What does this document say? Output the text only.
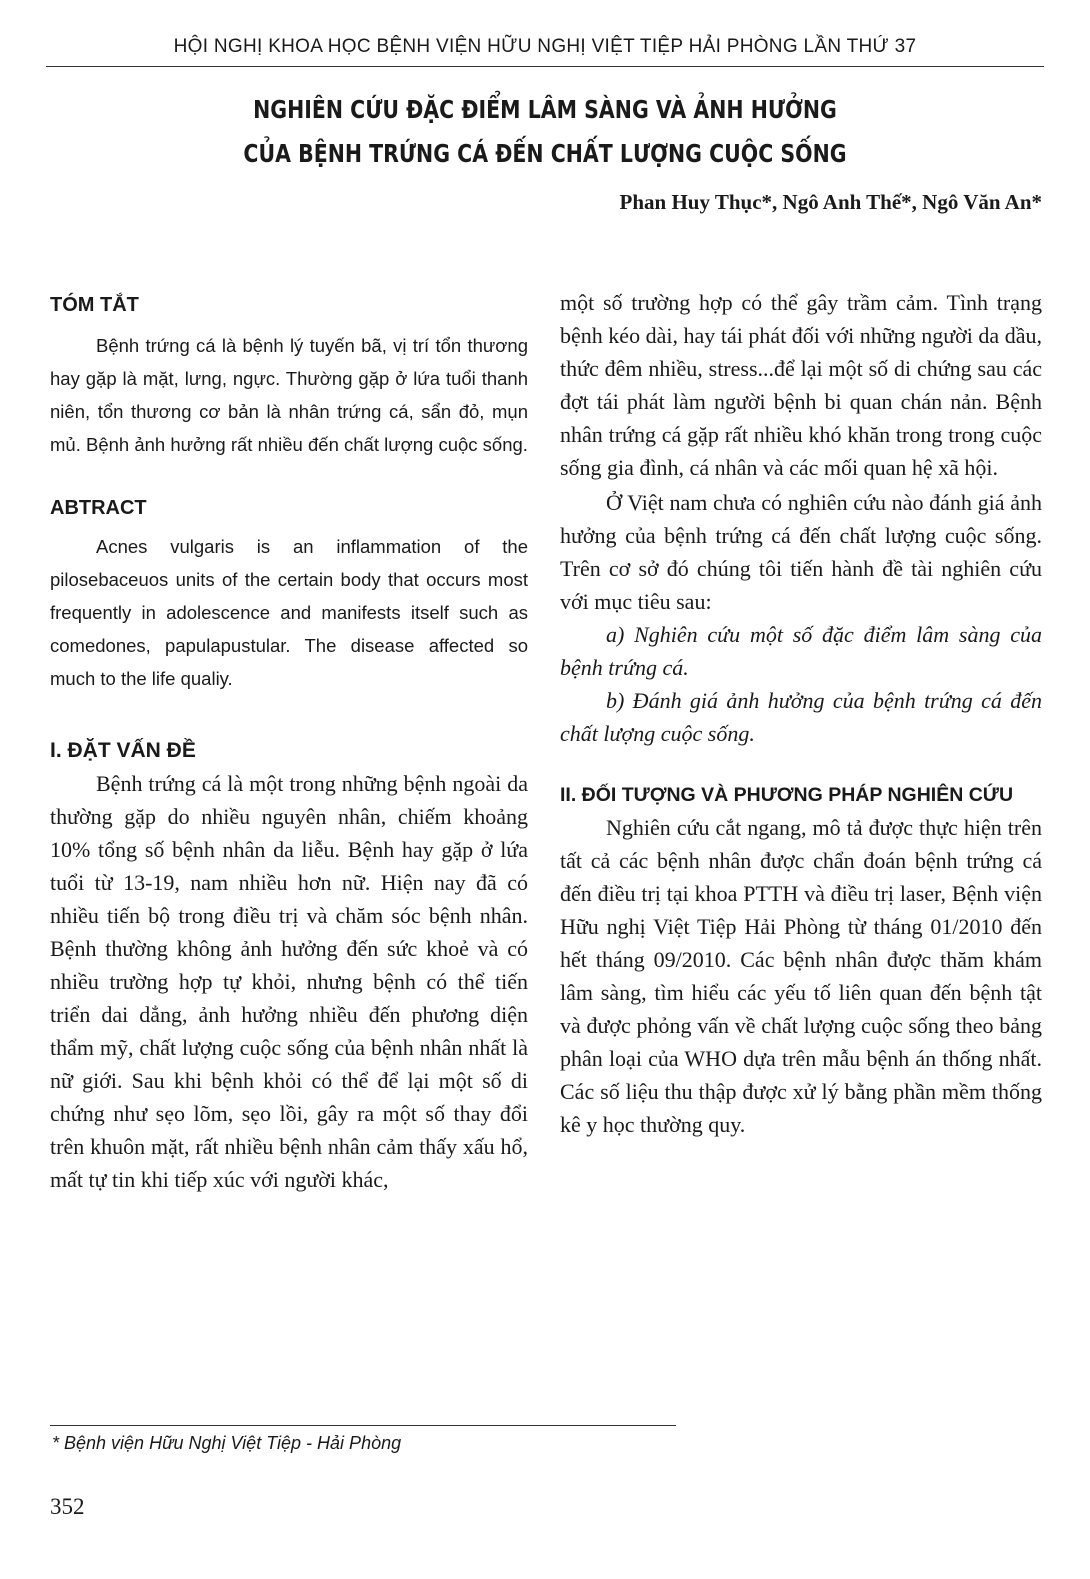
HỘI NGHỊ KHOA HỌC BỆNH VIỆN HỮU NGHỊ VIỆT TIỆP HẢI PHÒNG LẦN THỨ 37
NGHIÊN CỨU ĐẶC ĐIỂM LÂM SÀNG VÀ ẢNH HƯỞNG
CỦA BỆNH TRỨNG CÁ ĐẾN CHẤT LƯỢNG CUỘC SỐNG
Phan Huy Thục*, Ngô Anh Thế*, Ngô Văn An*
TÓM TẮT

Bệnh trứng cá là bệnh lý tuyến bã, vị trí tổn thương hay gặp là mặt, lưng, ngực. Thường gặp ở lứa tuổi thanh niên, tổn thương cơ bản là nhân trứng cá, sẩn đỏ, mụn mủ. Bệnh ảnh hưởng rất nhiều đến chất lượng cuộc sống.

ABTRACT

Acnes vulgaris is an inflammation of the pilosebaceuos units of the certain body that occurs most frequently in adolescence and manifests itself such as comedones, papulapustular. The disease affected so much to the life qualiy.

I. ĐẶT VẤN ĐỀ

Bệnh trứng cá là một trong những bệnh ngoài da thường gặp do nhiều nguyên nhân, chiếm khoảng 10% tổng số bệnh nhân da liễu. Bệnh hay gặp ở lứa tuổi từ 13-19, nam nhiều hơn nữ. Hiện nay đã có nhiều tiến bộ trong điều trị và chăm sóc bệnh nhân. Bệnh thường không ảnh hưởng đến sức khoẻ và có nhiều trường hợp tự khỏi, nhưng bệnh có thể tiến triển dai dẳng, ảnh hưởng nhiều đến phương diện thẩm mỹ, chất lượng cuộc sống của bệnh nhân nhất là nữ giới. Sau khi bệnh khỏi có thể để lại một số di chứng như sẹo lõm, sẹo lồi, gây ra một số thay đổi trên khuôn mặt, rất nhiều bệnh nhân cảm thấy xấu hổ, mất tự tin khi tiếp xúc với người khác,

một số trường hợp có thể gây trầm cảm. Tình trạng bệnh kéo dài, hay tái phát đối với những người da dầu, thức đêm nhiều, stress...để lại một số di chứng sau các đợt tái phát làm người bệnh bi quan chán nản. Bệnh nhân trứng cá gặp rất nhiều khó khăn trong trong cuộc sống gia đình, cá nhân và các mối quan hệ xã hội.

Ở Việt nam chưa có nghiên cứu nào đánh giá ảnh hưởng của bệnh trứng cá đến chất lượng cuộc sống. Trên cơ sở đó chúng tôi tiến hành đề tài nghiên cứu với mục tiêu sau:

a) Nghiên cứu một số đặc điểm lâm sàng của bệnh trứng cá.

b) Đánh giá ảnh hưởng của bệnh trứng cá đến chất lượng cuộc sống.

II. ĐỐI TƯỢNG VÀ PHƯƠNG PHÁP NGHIÊN CỨU

Nghiên cứu cắt ngang, mô tả được thực hiện trên tất cả các bệnh nhân được chẩn đoán bệnh trứng cá đến điều trị tại khoa PTTH và điều trị laser, Bệnh viện Hữu nghị Việt Tiệp Hải Phòng từ tháng 01/2010 đến hết tháng 09/2010. Các bệnh nhân được thăm khám lâm sàng, tìm hiểu các yếu tố liên quan đến bệnh tật và được phỏng vấn về chất lượng cuộc sống theo bảng phân loại của WHO dựa trên mẫu bệnh án thống nhất. Các số liệu thu thập được xử lý bằng phần mềm thống kê y học thường quy.

* Bệnh viện Hữu Nghị Việt Tiệp - Hải Phòng
352
